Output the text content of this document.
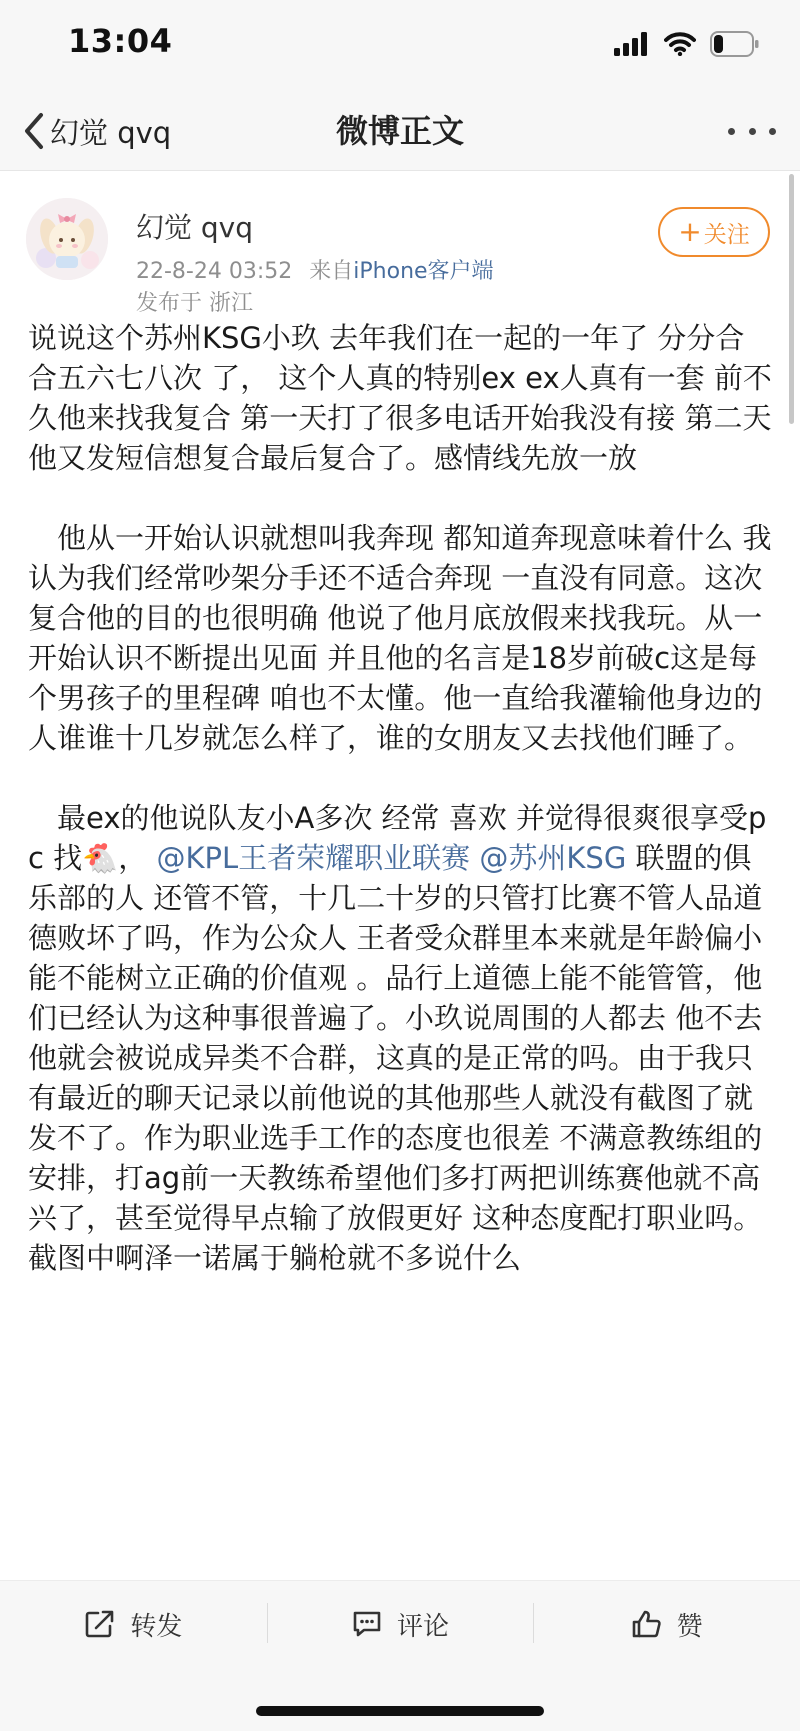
13:04
幻觉 qvq	微博正文
幻觉 qvq
22-8-24 03:52 来自iPhone客户端
发布于 浙江
+ 关注

说说这个苏州KSG小玖 去年我们在一起的一年了 分分合合五六七八次 了， 这个人真的特别ex ex人真有一套 前不久他来找我复合 第一天打了很多电话开始我没有接 第二天他又发短信想复合最后复合了。感情线先放一放

他从一开始认识就想叫我奔现 都知道奔现意味着什么 我认为我们经常吵架分手还不适合奔现 一直没有同意。这次复合他的目的也很明确 他说了他月底放假来找我玩。从一开始认识不断提出见面 并且他的名言是18岁前破c这是每个男孩子的里程碑 咱也不太懂。他一直给我灌输他身边的人谁谁十几岁就怎么样了，谁的女朋友又去找他们睡了。

最ex的他说队友小A多次 经常 喜欢 并觉得很爽很享受pc 找🐔， @KPL王者荣耀职业联赛 @苏州KSG 联盟的俱乐部的人 还管不管，十几二十岁的只管打比赛不管人品道德败坏了吗，作为公众人 王者受众群里本来就是年龄偏小 能不能树立正确的价值观 。品行上道德上能不能管管，他们已经认为这种事很普遍了。小玖说周围的人都去 他不去他就会被说成异类不合群，这真的是正常的吗。由于我只有最近的聊天记录以前他说的其他那些人就没有截图了就发不了。作为职业选手工作的态度也很差 不满意教练组的安排，打ag前一天教练希望他们多打两把训练赛他就不高兴了，甚至觉得早点输了放假更好 这种态度配打职业吗。截图中啊泽一诺属于躺枪就不多说什么

转发	评论	赞
